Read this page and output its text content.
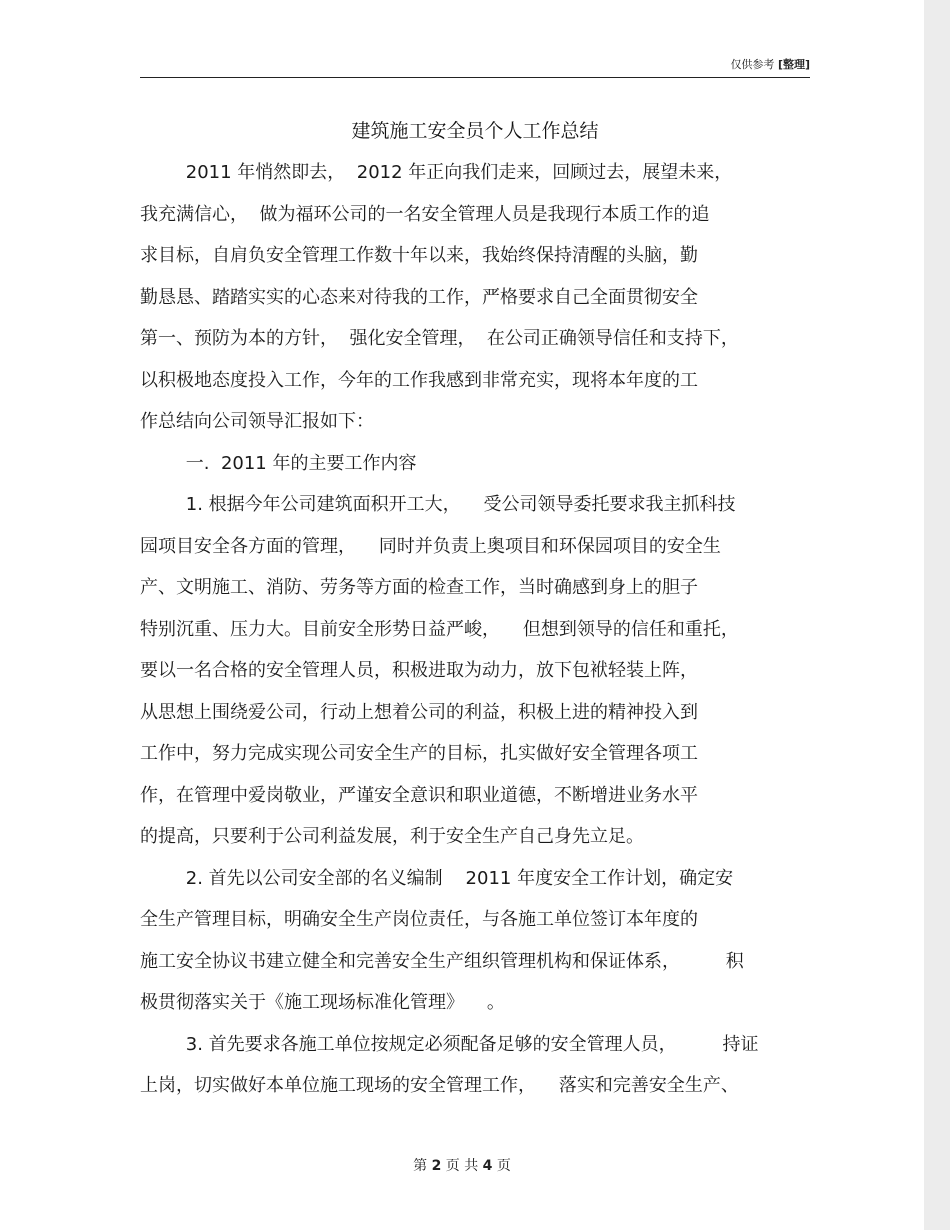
仅供参考 [整理]
建筑施工安全员个人工作总结
2011 年悄然即去，  2012 年正向我们走来，回顾过去，展望未来，
我充满信心，  做为福环公司的一名安全管理人员是我现行本质工作的追
求目标，自肩负安全管理工作数十年以来，我始终保持清醒的头脑，勤
勤恳恳、踏踏实实的心态来对待我的工作，严格要求自己全面贯彻安全
第一、预防为本的方针，  强化安全管理，  在公司正确领导信任和支持下，
以积极地态度投入工作，今年的工作我感到非常充实，现将本年度的工
作总结向公司领导汇报如下：
一.  2011 年的主要工作内容
1. 根据今年公司建筑面积开工大，    受公司领导委托要求我主抓科技
园项目安全各方面的管理，    同时并负责上奥项目和环保园项目的安全生
产、文明施工、消防、劳务等方面的检查工作，当时确感到身上的胆子
特别沉重、压力大。目前安全形势日益严峻，    但想到领导的信任和重托，
要以一名合格的安全管理人员，积极进取为动力，放下包袱轻装上阵，
从思想上围绕爱公司，行动上想着公司的利益，积极上进的精神投入到
工作中，努力完成实现公司安全生产的目标，扎实做好安全管理各项工
作，在管理中爱岗敬业，严谨安全意识和职业道德，不断增进业务水平
的提高，只要利于公司利益发展，利于安全生产自己身先立足。
2. 首先以公司安全部的名义编制    2011 年度安全工作计划，确定安
全生产管理目标，明确安全生产岗位责任，与各施工单位签订本年度的
施工安全协议书建立健全和完善安全生产组织管理机构和保证体系，        积
极贯彻落实关于《施工现场标准化管理》    。
3. 首先要求各施工单位按规定必须配备足够的安全管理人员，        持证
上岗，切实做好本单位施工现场的安全管理工作，    落实和完善安全生产、
第 2 页 共 4 页
